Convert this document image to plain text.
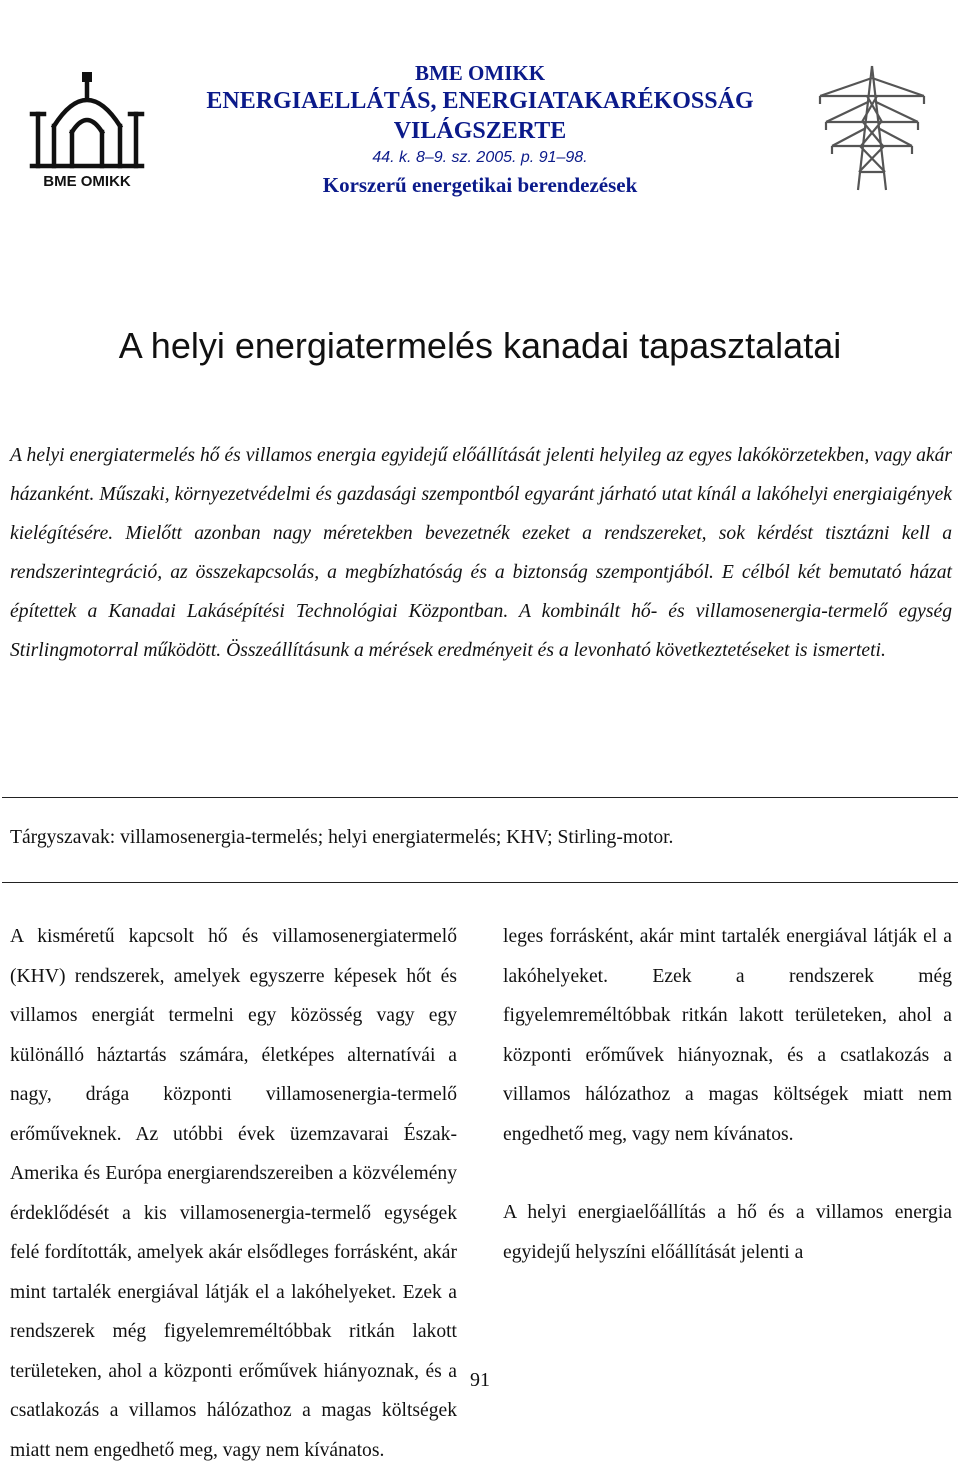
BME OMIKK
BME OMIKK
ENERGIAELLÁTÁS, ENERGIATAKARÉKOSSÁG
VILÁGSZERTE
44. k. 8–9. sz. 2005. p. 91–98.
Korszerű energetikai berendezések
A helyi energiatermelés kanadai tapasztalatai

A helyi energiatermelés hő és villamos energia egyidejű előállítását jelenti helyileg az egyes lakókörzetekben, vagy akár házanként. Műszaki, környezetvédelmi és gazdasági szempontból egyaránt járható utat kínál a lakóhelyi energiaigények kielégítésére. Mielőtt azonban nagy méretekben bevezetnék ezeket a rendszereket, sok kérdést tisztázni kell a rendszerintegráció, az összekapcsolás, a megbízhatóság és a biztonság szempontjából. E célból két bemutató házat építettek a Kanadai Lakásépítési Technológiai Központban. A kombinált hő- és villamosenergia-termelő egység Stirlingmotorral működött. Összeállításunk a mérések eredményeit és a levonható következtetéseket is ismerteti.

Tárgyszavak: villamosenergia-termelés; helyi energiatermelés; KHV; Stirling-motor.

A kisméretű kapcsolt hő és villamosenergiatermelő (KHV) rendszerek, amelyek egyszerre képesek hőt és villamos energiát termelni egy közösség vagy egy különálló háztartás számára, életképes alternatívái a nagy, drága központi villamosenergia-termelő erőműveknek. Az utóbbi évek üzemzavarai Észak-Amerika és Európa energiarendszereiben a közvélemény érdeklődését a kis villamosenergia-termelő egységek felé fordították, amelyek akár elsődleges forrásként, akár mint tartalék energiával látják el a lakóhelyeket. Ezek a rendszerek még figyelemreméltóbbak ritkán lakott területeken, ahol a központi erőművek hiányoznak, és a csatlakozás a villamos hálózathoz a magas költségek miatt nem engedhető meg, vagy nem kívánatos.

leges forrásként, akár mint tartalék energiával látják el a lakóhelyeket. Ezek a rendszerek még figyelemreméltóbbak ritkán lakott területeken, ahol a központi erőművek hiányoznak, és a csatlakozás a villamos hálózathoz a magas költségek miatt nem engedhető meg, vagy nem kívánatos.

A helyi energiaelőállítás a hő és a villamos energia egyidejű helyszíni előállítását jelenti a

91
